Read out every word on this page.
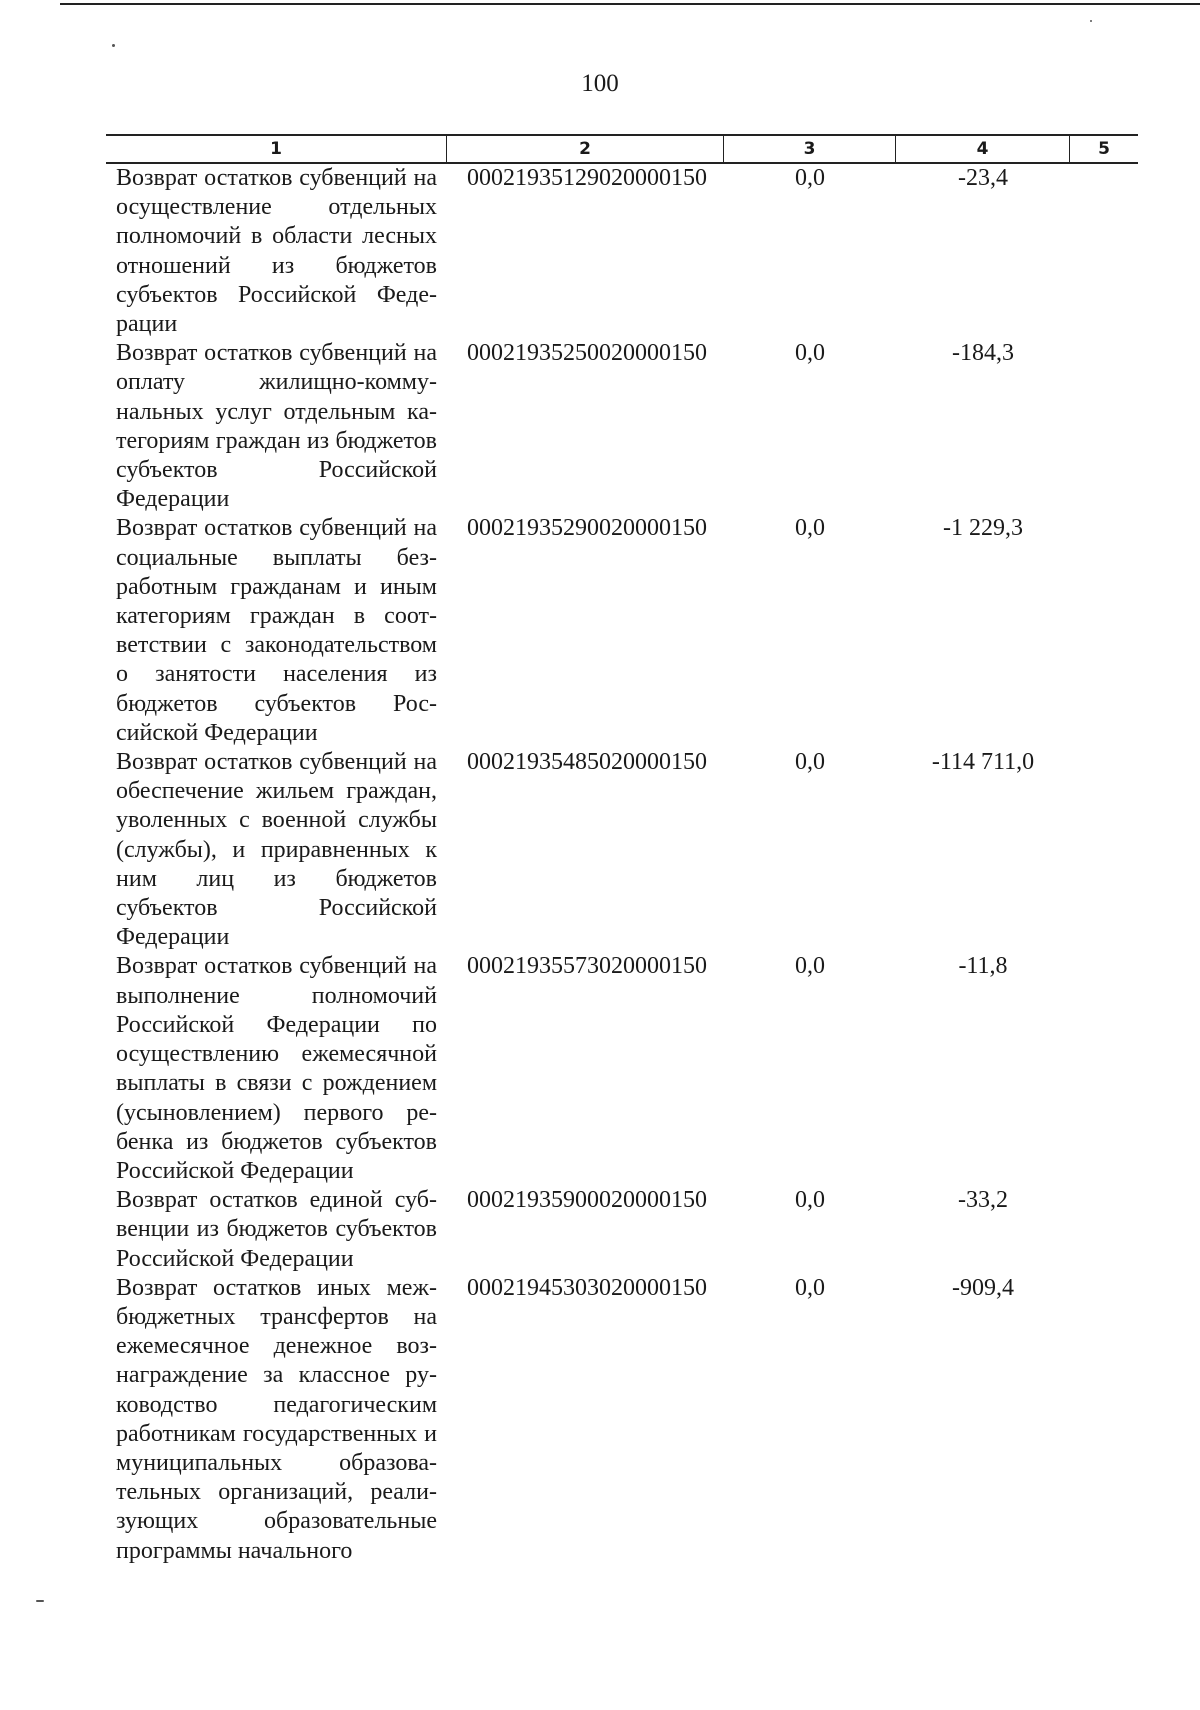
100
1	2	3	4	5
Возврат остатков субвенций на осуществление отдельных полномочий в области лесных отношений из бюджетов субъектов Российской Федерации
00021935129020000150	0,0	-23,4
Возврат остатков субвенций на оплату жилищно-коммунальных услуг отдельным категориям граждан из бюджетов субъектов Российской Федерации
00021935250020000150	0,0	-184,3
Возврат остатков субвенций на социальные выплаты безработным гражданам и иным категориям граждан в соответствии с законодательством о занятости населения из бюджетов субъектов Российской Федерации
00021935290020000150	0,0	-1 229,3
Возврат остатков субвенций на обеспечение жильем граждан, уволенных с военной службы (службы), и приравненных к ним лиц из бюджетов субъектов Российской Федерации
00021935485020000150	0,0	-114 711,0
Возврат остатков субвенций на выполнение полномочий Российской Федерации по осуществлению ежемесячной выплаты в связи с рождением (усыновлением) первого ребенка из бюджетов субъектов Российской Федерации
00021935573020000150	0,0	-11,8
Возврат остатков единой субвенции из бюджетов субъектов Российской Федерации
00021935900020000150	0,0	-33,2
Возврат остатков иных межбюджетных трансфертов на ежемесячное денежное вознаграждение за классное руководство педагогическим работникам государственных и муниципальных образовательных организаций, реализующих образовательные программы начального
00021945303020000150	0,0	-909,4
